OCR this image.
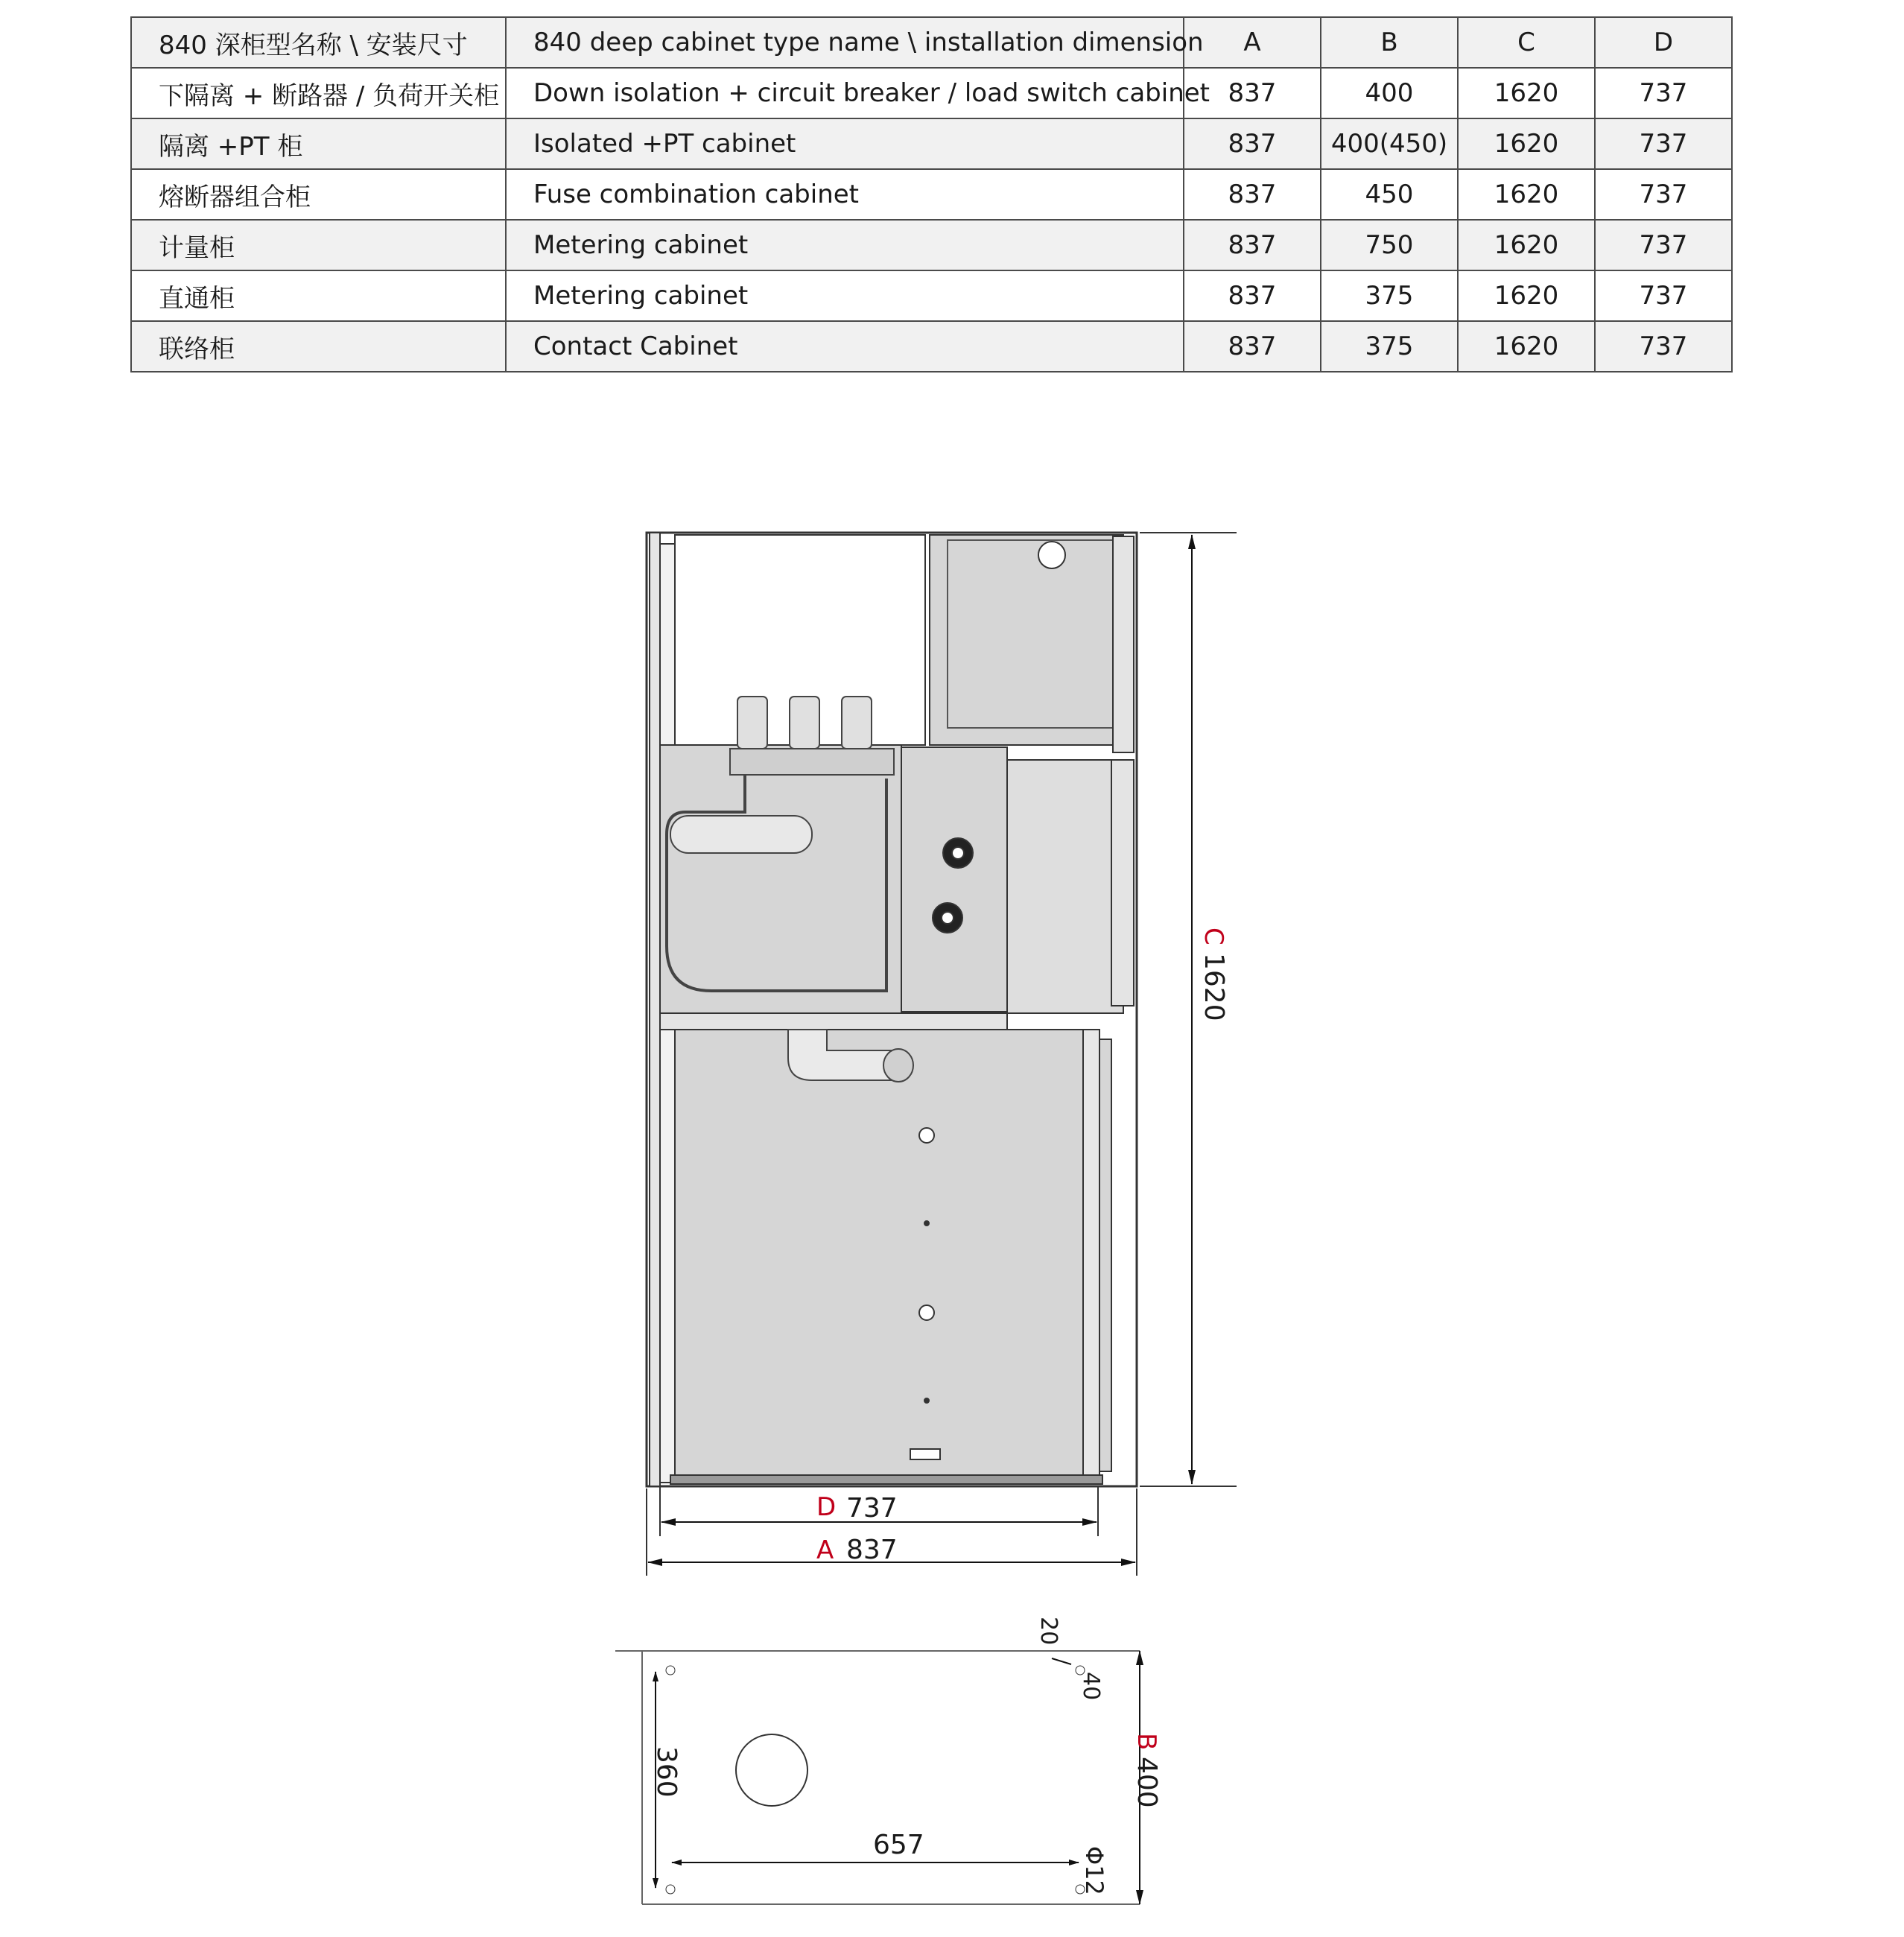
840 深柜型名称 \ 安装尺寸	840 deep cabinet type name \ installation dimension	A	B	C	D
下隔离 + 断路器 / 负荷开关柜	Down isolation + circuit breaker / load switch cabinet	837	400	1620	737
隔离 +PT 柜	Isolated +PT cabinet	837	400(450)	1620	737
熔断器组合柜	Fuse combination cabinet	837	450	1620	737
计量柜	Metering cabinet	837	750	1620	737
直通柜	Metering cabinet	837	375	1620	737
联络柜	Contact Cabinet	837	375	1620	737
C
1620
D 737
A 837
360
657
20
40
B
400
Φ12
